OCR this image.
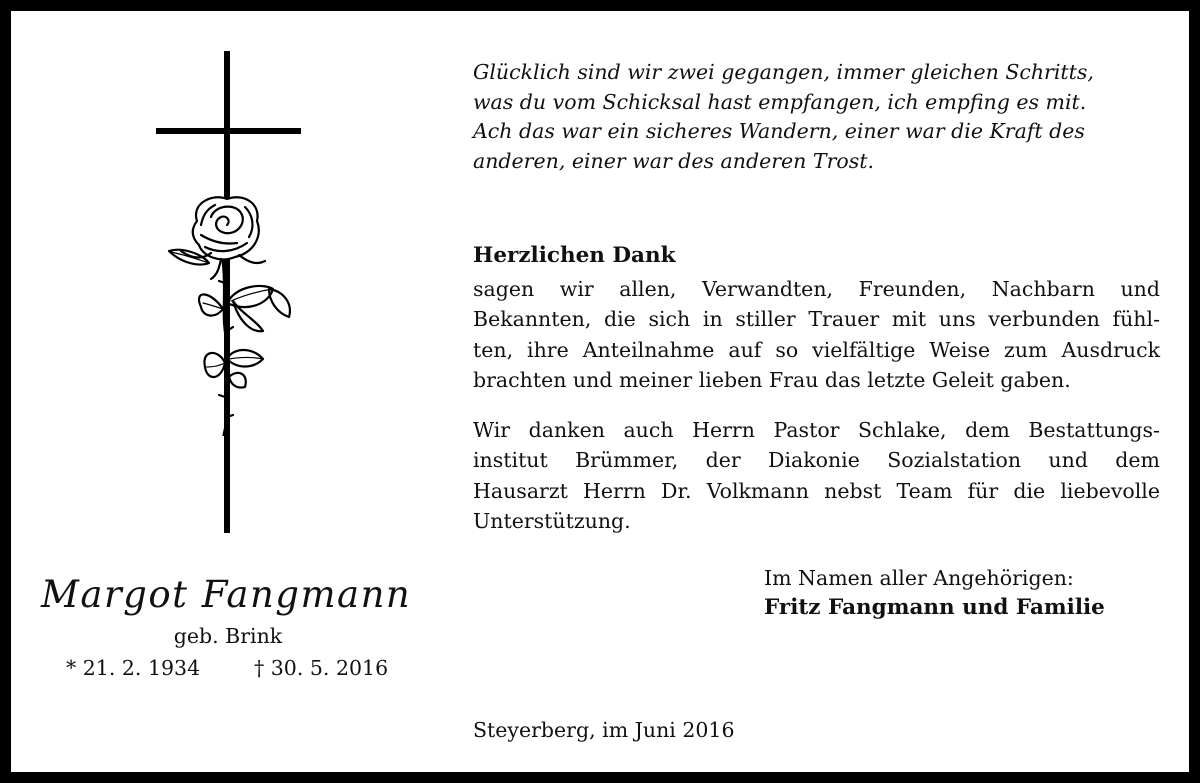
Glücklich sind wir zwei gegangen, immer gleichen Schritts,
was du vom Schicksal hast empfangen, ich empfing es mit.
Ach das war ein sicheres Wandern, einer war die Kraft des
anderen, einer war des anderen Trost.

Herzlichen Dank

sagen wir allen, Verwandten, Freunden, Nachbarn und
Bekannten, die sich in stiller Trauer mit uns verbunden fühl-
ten, ihre Anteilnahme auf so vielfältige Weise zum Ausdruck
brachten und meiner lieben Frau das letzte Geleit gaben.

Wir danken auch Herrn Pastor Schlake, dem Bestattungs-
institut Brümmer, der Diakonie Sozialstation und dem
Hausarzt Herrn Dr. Volkmann nebst Team für die liebevolle
Unterstützung.

Im Namen aller Angehörigen:

Fritz Fangmann und Familie

Steyerberg, im Juni 2016

Margot Fangmann

geb. Brink

* 21. 2. 1934	† 30. 5. 2016
